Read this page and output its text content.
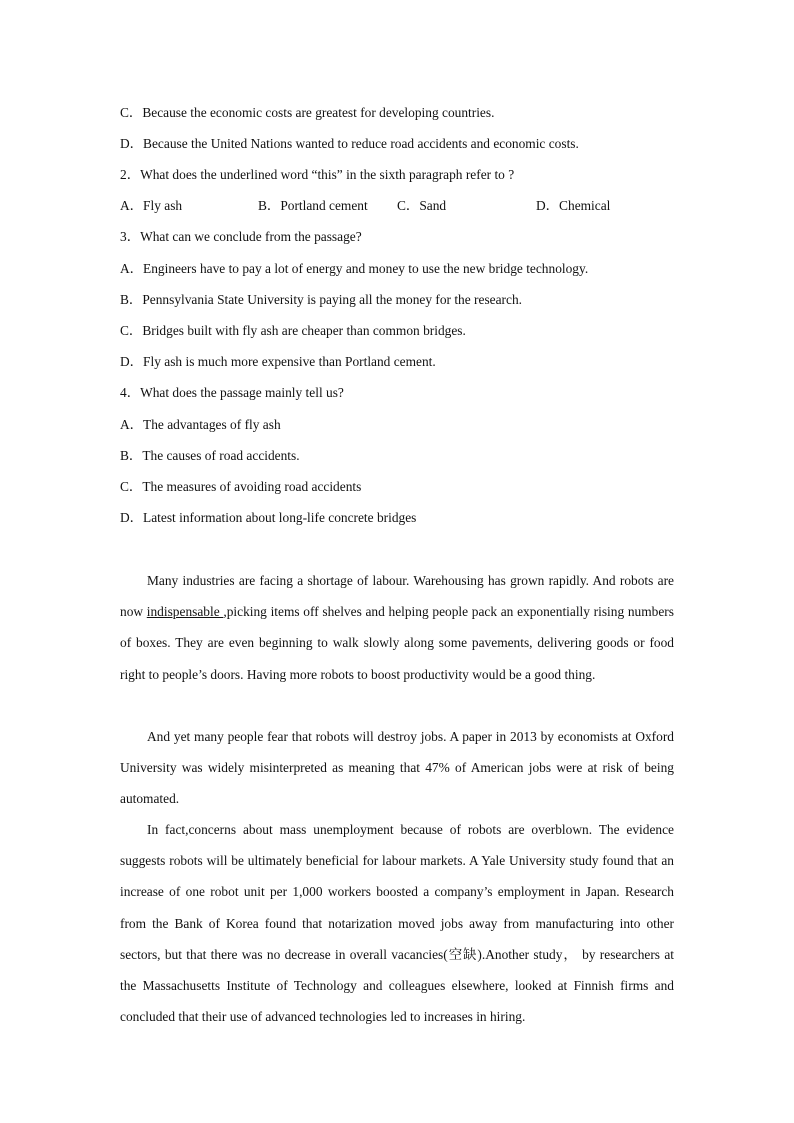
C．Because the economic costs are greatest for developing countries.
D．Because the United Nations wanted to reduce road accidents and economic costs.
2．What does the underlined word “this” in the sixth paragraph refer to ?
A．Fly ash	B．Portland cement C．Sand	D．Chemical
3．What can we conclude from the passage?
A．Engineers have to pay a lot of energy and money to use the new bridge technology.
B．Pennsylvania State University is paying all the money for the research.
C．Bridges built with fly ash are cheaper than common bridges.
D．Fly ash is much more expensive than Portland cement.
4．What does the passage mainly tell us?
A．The advantages of fly ash
B．The causes of road accidents.
C．The measures of avoiding road accidents
D．Latest information about long-life concrete bridges

Many industries are facing a shortage of labour. Warehousing has grown rapidly. And robots are now indispensable ,picking items off shelves and helping people pack an exponentially rising numbers of boxes. They are even beginning to walk slowly along some pavements, delivering goods or food right to people’s doors. Having more robots to boost productivity would be a good thing.

And yet many people fear that robots will destroy jobs. A paper in 2013 by economists at Oxford University was widely misinterpreted as meaning that 47% of American jobs were at risk of being automated.

In fact,concerns about mass unemployment because of robots are overblown. The evidence suggests robots will be ultimately beneficial for labour markets. A Yale University study found that an increase of one robot unit per 1,000 workers boosted a company’s employment in Japan. Research from the Bank of Korea found that notarization moved jobs away from manufacturing into other sectors, but that there was no decrease in overall vacancies(空缺).Another study， by researchers at the Massachusetts Institute of Technology and colleagues elsewhere, looked at Finnish firms and concluded that their use of advanced technologies led to increases in hiring.
